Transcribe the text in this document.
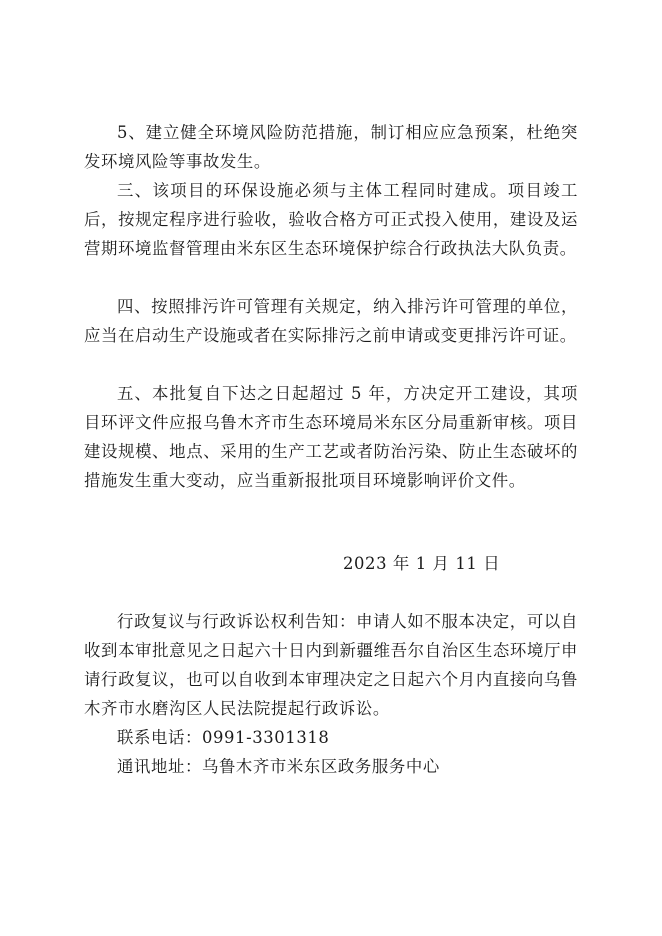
5、建立健全环境风险防范措施，制订相应应急预案，杜绝突发环境风险等事故发生。

三、该项目的环保设施必须与主体工程同时建成。项目竣工后，按规定程序进行验收，验收合格方可正式投入使用，建设及运营期环境监督管理由米东区生态环境保护综合行政执法大队负责。

四、按照排污许可管理有关规定，纳入排污许可管理的单位，应当在启动生产设施或者在实际排污之前申请或变更排污许可证。

五、本批复自下达之日起超过 5 年，方决定开工建设，其项目环评文件应报乌鲁木齐市生态环境局米东区分局重新审核。项目建设规模、地点、采用的生产工艺或者防治污染、防止生态破坏的措施发生重大变动，应当重新报批项目环境影响评价文件。

2023 年 1 月 11 日

行政复议与行政诉讼权利告知：申请人如不服本决定，可以自收到本审批意见之日起六十日内到新疆维吾尔自治区生态环境厅申请行政复议，也可以自收到本审理决定之日起六个月内直接向乌鲁木齐市水磨沟区人民法院提起行政诉讼。

联系电话：0991-3301318
通讯地址：乌鲁木齐市米东区政务服务中心
